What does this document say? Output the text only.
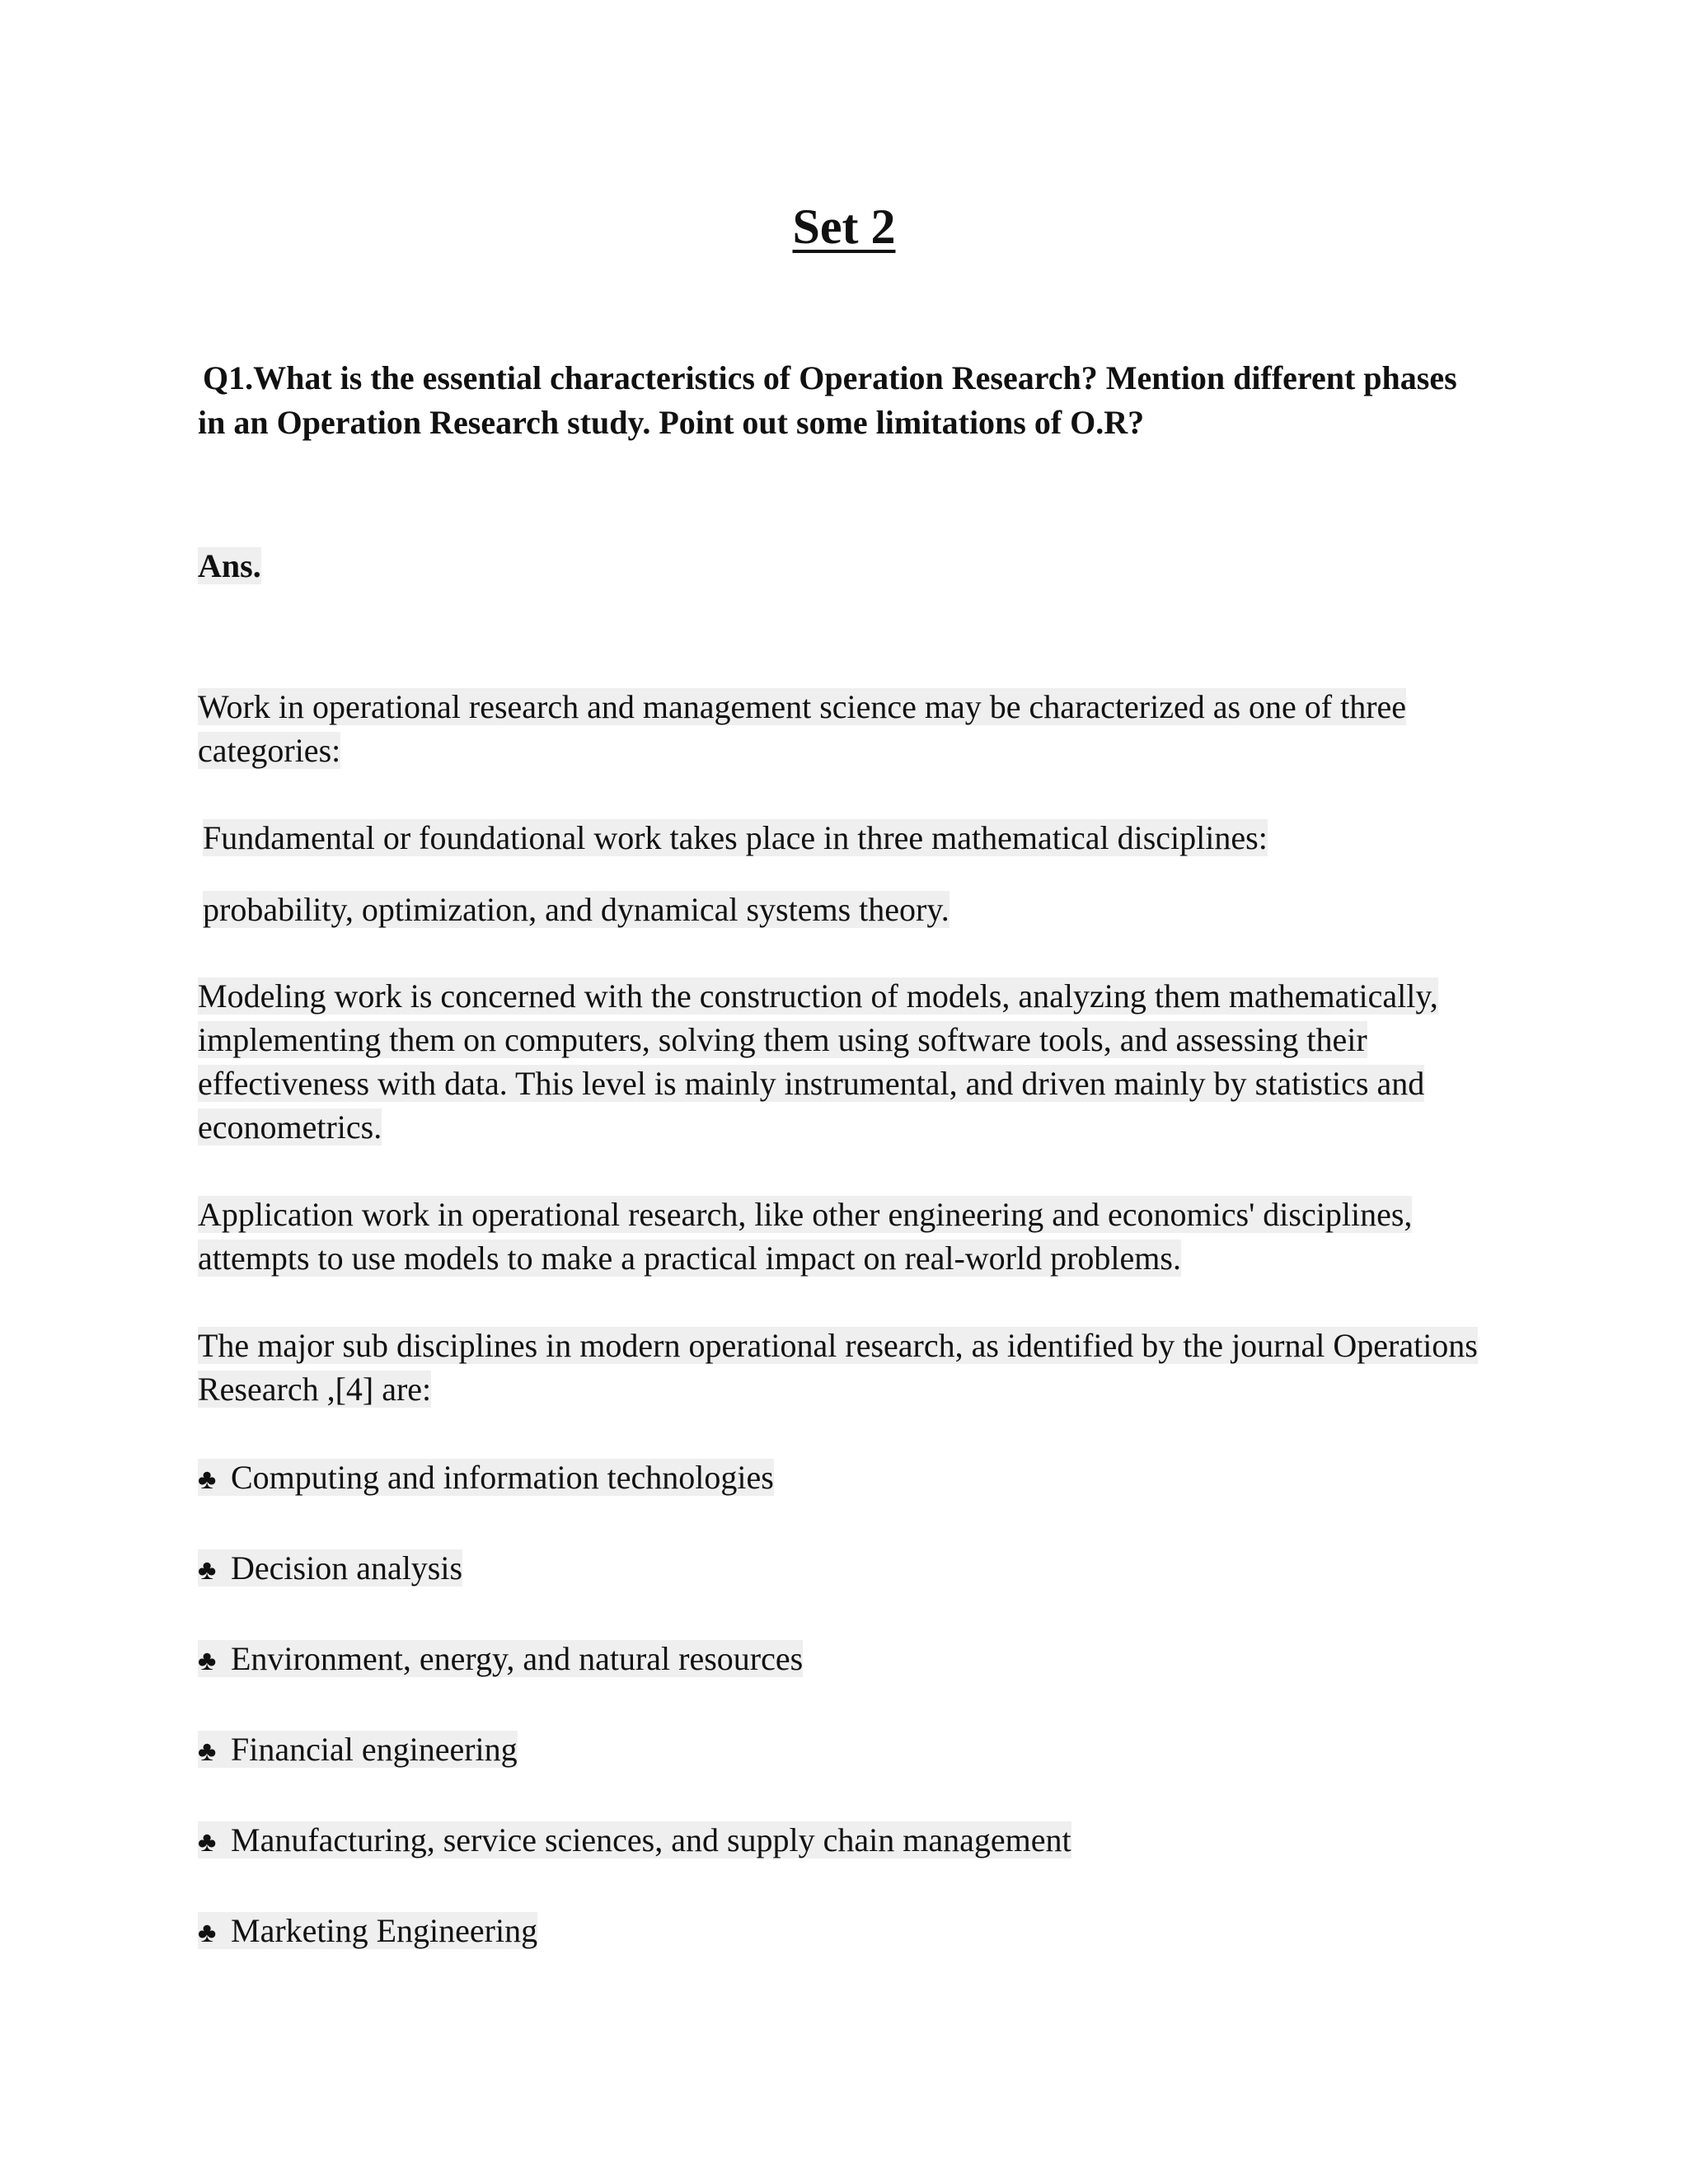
Set 2
Q1.What is the essential characteristics of Operation Research? Mention different phases
in an Operation Research study. Point out some limitations of O.R?
Ans.
Work in operational research and management science may be characterized as one of three
categories:
Fundamental or foundational work takes place in three mathematical disciplines:
probability, optimization, and dynamical systems theory.
Modeling work is concerned with the construction of models, analyzing them mathematically,
implementing them on computers, solving them using software tools, and assessing their
effectiveness with data. This level is mainly instrumental, and driven mainly by statistics and
econometrics.
Application work in operational research, like other engineering and economics' disciplines,
attempts to use models to make a practical impact on real-world problems.
The major sub disciplines in modern operational research, as identified by the journal Operations
Research ,[4] are:
♣ Computing and information technologies
♣ Decision analysis
♣ Environment, energy, and natural resources
♣ Financial engineering
♣ Manufacturing, service sciences, and supply chain management
♣ Marketing Engineering
